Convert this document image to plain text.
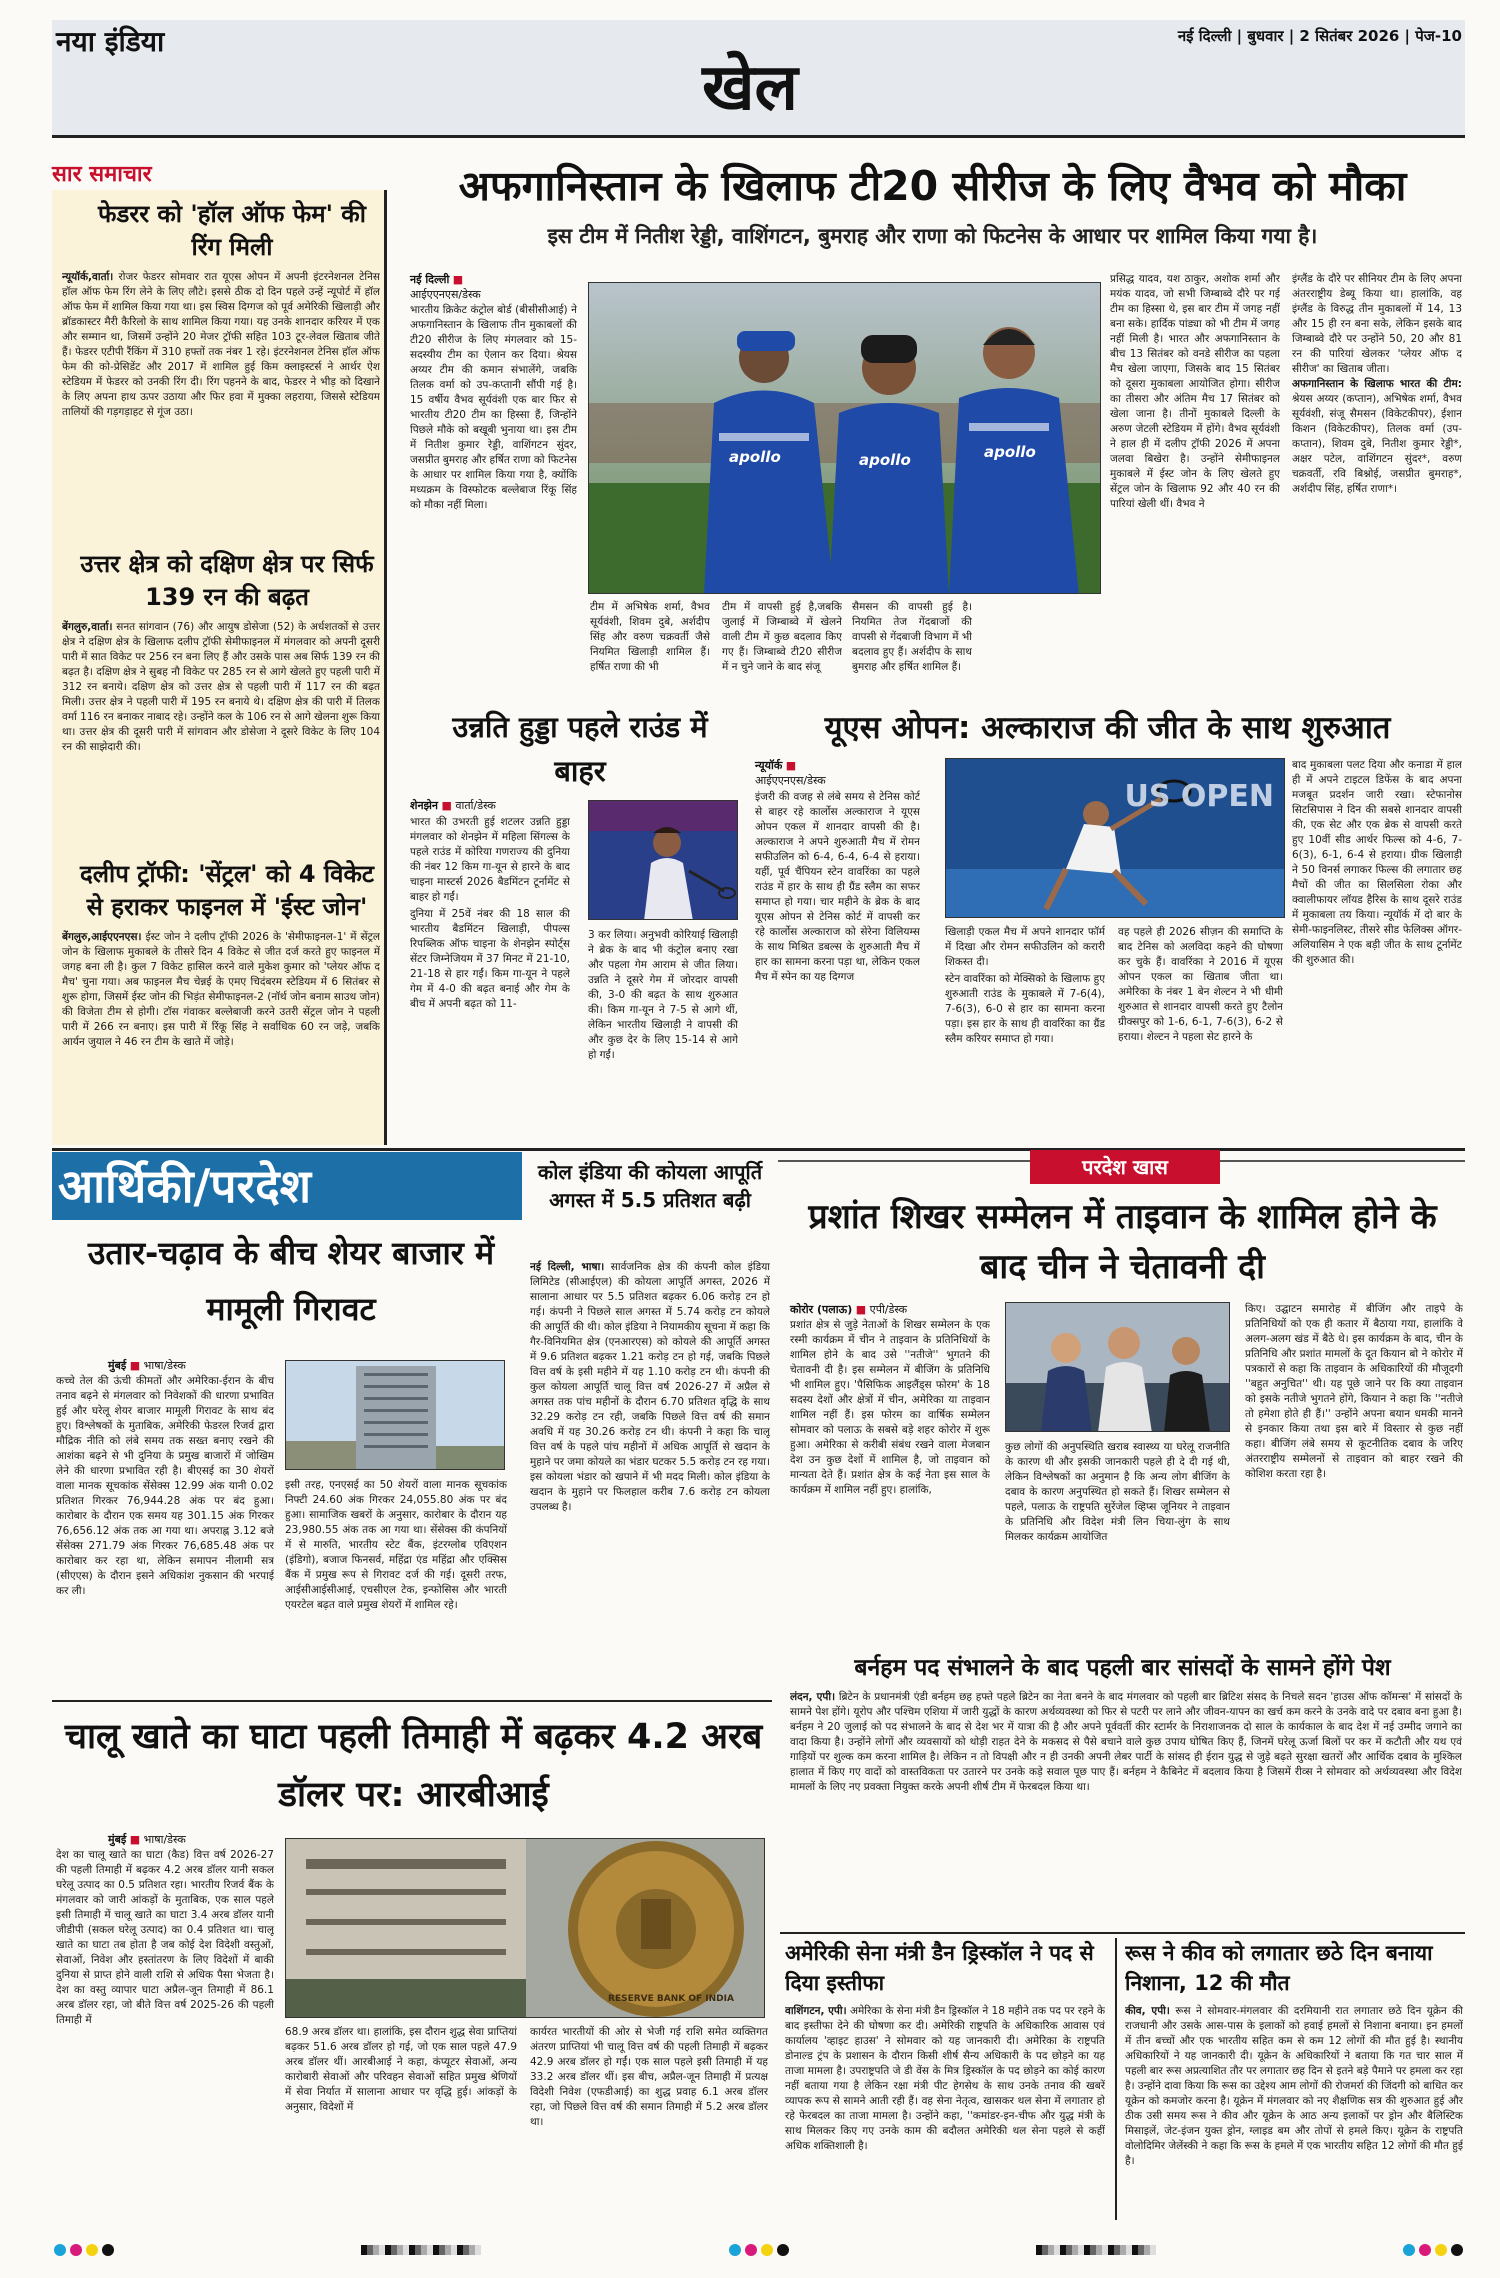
नया इंडिया	नई दिल्ली | बुधवार | 2 सितंबर 2026 | पेज-10
खेल
सार समाचार
फेडरर को 'हॉल ऑफ फेम' की रिंग मिली
न्यूयॉर्क,वार्ता। रोजर फेडरर सोमवार रात यूएस ओपन में अपनी इंटरनेशनल टेनिस हॉल ऑफ फेम रिंग लेने के लिए लौटे। इससे ठीक दो दिन पहले उन्हें न्यूपोर्ट में हॉल ऑफ फेम में शामिल किया गया था। इस स्विस दिग्गज को पूर्व अमेरिकी खिलाड़ी और ब्रॉडकास्टर मैरी कैरिलो के साथ शामिल किया गया। यह उनके शानदार करियर में एक और सम्मान था, जिसमें उन्होंने 20 मेजर ट्रॉफी सहित 103 टूर-लेवल खिताब जीते हैं। फेडरर एटीपी रैंकिंग में 310 हफ्तों तक नंबर 1 रहे। इंटरनेशनल टेनिस हॉल ऑफ फेम की को-प्रेसिडेंट और 2017 में शामिल हुई किम क्लाइस्टर्स ने आर्थर ऐश स्टेडियम में फेडरर को उनकी रिंग दी। रिंग पहनने के बाद, फेडरर ने भीड़ को दिखाने के लिए अपना हाथ ऊपर उठाया और फिर हवा में मुक्का लहराया, जिससे स्टेडियम तालियों की गड़गड़ाहट से गूंज उठा।
उत्तर क्षेत्र को दक्षिण क्षेत्र पर सिर्फ 139 रन की बढ़त
बेंगलुरु,वार्ता। सनत सांगवान (76) और आयुष डोसेजा (52) के अर्धशतकों से उत्तर क्षेत्र ने दक्षिण क्षेत्र के खिलाफ दलीप ट्रॉफी सेमीफाइनल में मंगलवार को अपनी दूसरी पारी में सात विकेट पर 256 रन बना लिए हैं और उसके पास अब सिर्फ 139 रन की बढ़त है। दक्षिण क्षेत्र ने सुबह नौ विकेट पर 285 रन से आगे खेलते हुए पहली पारी में 312 रन बनाये। दक्षिण क्षेत्र को उत्तर क्षेत्र से पहली पारी में 117 रन की बढ़त मिली। उत्तर क्षेत्र ने पहली पारी में 195 रन बनाये थे। दक्षिण क्षेत्र की पारी में तिलक वर्मा 116 रन बनाकर नाबाद रहे। उन्होंने कल के 106 रन से आगे खेलना शुरू किया था। उत्तर क्षेत्र की दूसरी पारी में सांगवान और डोसेजा ने दूसरे विकेट के लिए 104 रन की साझेदारी की।
दलीप ट्रॉफी: 'सेंट्रल' को 4 विकेट से हराकर फाइनल में 'ईस्ट जोन'
बेंगलुरु,आईएएनएस। ईस्ट जोन ने दलीप ट्रॉफी 2026 के 'सेमीफाइनल-1' में सेंट्रल जोन के खिलाफ मुकाबले के तीसरे दिन 4 विकेट से जीत दर्ज करते हुए फाइनल में जगह बना ली है। कुल 7 विकेट हासिल करने वाले मुकेश कुमार को 'प्लेयर ऑफ द मैच' चुना गया। अब फाइनल मैच चेन्नई के एमए चिदंबरम स्टेडियम में 6 सितंबर से शुरू होगा, जिसमें ईस्ट जोन की भिड़ंत सेमीफाइनल-2 (नॉर्थ जोन बनाम साउथ जोन) की विजेता टीम से होगी। टॉस गंवाकर बल्लेबाजी करने उतरी सेंट्रल जोन ने पहली पारी में 266 रन बनाए। इस पारी में रिंकू सिंह ने सर्वाधिक 60 रन जड़े, जबकि आर्यन जुयाल ने 46 रन टीम के खाते में जोड़े।
अफगानिस्तान के खिलाफ टी20 सीरीज के लिए वैभव को मौका
इस टीम में नितीश रेड्डी, वाशिंगटन, बुमराह और राणा को फिटनेस के आधार पर शामिल किया गया है।
नई दिल्ली ■
आईएएनएस/डेस्क
भारतीय क्रिकेट कंट्रोल बोर्ड (बीसीसीआई) ने अफगानिस्तान के खिलाफ तीन मुकाबलों की टी20 सीरीज के लिए मंगलवार को 15-सदस्यीय टीम का ऐलान कर दिया। श्रेयस अय्यर टीम की कमान संभालेंगे, जबकि तिलक वर्मा को उप-कप्तानी सौंपी गई है। 15 वर्षीय वैभव सूर्यवंशी एक बार फिर से भारतीय टी20 टीम का हिस्सा हैं, जिन्होंने पिछले मौके को बखूबी भुनाया था। इस टीम में नितीश कुमार रेड्डी, वाशिंगटन सुंदर, जसप्रीत बुमराह और हर्षित राणा को फिटनेस के आधार पर शामिल किया गया है, क्योंकि मध्यक्रम के विस्फोटक बल्लेबाज रिंकू सिंह को मौका नहीं मिला।
apollo	apollo	apollo
टीम में अभिषेक शर्मा, वैभव सूर्यवंशी, शिवम दुबे, अर्शदीप सिंह और वरुण चक्रवर्ती जैसे नियमित खिलाड़ी शामिल हैं। हर्षित राणा की भी
टीम में वापसी हुई है,जबकि जुलाई में जिम्बाब्वे में खेलने वाली टीम में कुछ बदलाव किए गए हैं। जिम्बाब्वे टी20 सीरीज में न चुने जाने के बाद संजू
सैमसन की वापसी हुई है। नियमित तेज गेंदबाजों की वापसी से गेंदबाजी विभाग में भी बदलाव हुए हैं। अर्शदीप के साथ बुमराह और हर्षित शामिल हैं।
प्रसिद्ध यादव, यश ठाकुर, अशोक शर्मा और मयंक यादव, जो सभी जिम्बाब्वे दौरे पर गई टीम का हिस्सा थे, इस बार टीम में जगह नहीं बना सके। हार्दिक पांड्या को भी टीम में जगह नहीं मिली है। भारत और अफगानिस्तान के बीच 13 सितंबर को वनडे सीरीज का पहला मैच खेला जाएगा, जिसके बाद 15 सितंबर को दूसरा मुकाबला आयोजित होगा। सीरीज का तीसरा और अंतिम मैच 17 सितंबर को खेला जाना है। तीनों मुकाबले दिल्ली के अरुण जेटली स्टेडियम में होंगे। वैभव सूर्यवंशी ने हाल ही में दलीप ट्रॉफी 2026 में अपना जलवा बिखेरा है। उन्होंने सेमीफाइनल मुकाबले में ईस्ट जोन के लिए खेलते हुए सेंट्रल जोन के खिलाफ 92 और 40 रन की पारियां खेली थीं। वैभव ने
इंग्लैंड के दौरे पर सीनियर टीम के लिए अपना अंतरराष्ट्रीय डेब्यू किया था। हालांकि, वह इंग्लैंड के विरुद्ध तीन मुकाबलों में 14, 13 और 15 ही रन बना सके, लेकिन इसके बाद जिम्बाब्वे दौरे पर उन्होंने 50, 20 और 81 रन की पारियां खेलकर 'प्लेयर ऑफ द सीरीज' का खिताब जीता।
अफगानिस्तान के खिलाफ भारत की टीम: श्रेयस अय्यर (कप्तान), अभिषेक शर्मा, वैभव सूर्यवंशी, संजू सैमसन (विकेटकीपर), ईशान किशन (विकेटकीपर), तिलक वर्मा (उप-कप्तान), शिवम दुबे, नितीश कुमार रेड्डी*, अक्षर पटेल, वाशिंगटन सुंदर*, वरुण चक्रवर्ती, रवि बिश्नोई, जसप्रीत बुमराह*, अर्शदीप सिंह, हर्षित राणा*।
उन्नति हुड्डा पहले राउंड में बाहर
शेनझेन ■ वार्ता/डेस्क

भारत की उभरती हुई शटलर उन्नति हुड्डा मंगलवार को शेनझेन में महिला सिंगल्स के पहले राउंड में कोरिया गणराज्य की दुनिया की नंबर 12 किम गा-यून से हारने के बाद चाइना मास्टर्स 2026 बैडमिंटन टूर्नामेंट से बाहर हो गईं।

दुनिया में 25वें नंबर की 18 साल की भारतीय बैडमिंटन खिलाड़ी, पीपल्स रिपब्लिक ऑफ चाइना के शेनझेन स्पोर्ट्स सेंटर जिम्नेजियम में 37 मिनट में 21-10, 21-18 से हार गईं। किम गा-यून ने पहले गेम में 4-0 की बढ़त बनाई और गेम के बीच में अपनी बढ़त को 11-

3 कर लिया। अनुभवी कोरियाई खिलाड़ी ने ब्रेक के बाद भी कंट्रोल बनाए रखा और पहला गेम आराम से जीत लिया। उन्नति ने दूसरे गेम में जोरदार वापसी की, 3-0 की बढ़त के साथ शुरुआत की। किम गा-यून ने 7-5 से आगे थीं, लेकिन भारतीय खिलाड़ी ने वापसी की और कुछ देर के लिए 15-14 से आगे हो गईं।
यूएस ओपन: अल्काराज की जीत के साथ शुरुआत
न्यूयॉर्क ■
आईएएनएस/डेस्क
इंजरी की वजह से लंबे समय से टेनिस कोर्ट से बाहर रहे कार्लोस अल्काराज ने यूएस ओपन एकल में शानदार वापसी की है। अल्काराज ने अपने शुरुआती मैच में रोमन सफीउलिन को 6-4, 6-4, 6-4 से हराया। यहीं, पूर्व चैंपियन स्टेन वावरिंका का पहले राउंड में हार के साथ ही ग्रैंड स्लैम का सफर समाप्त हो गया। चार महीने के ब्रेक के बाद यूएस ओपन से टेनिस कोर्ट में वापसी कर रहे कार्लोस अल्काराज को सेरेना विलियम्स के साथ मिश्रित डबल्स के शुरुआती मैच में हार का सामना करना पड़ा था, लेकिन एकल मैच में स्पेन का यह दिग्गज
US OPEN

खिलाड़ी एकल मैच में अपने शानदार फॉर्म में दिखा और रोमन सफीउलिन को करारी शिकस्त दी।

स्टेन वावरिंका को मेक्सिको के खिलाफ हुए शुरुआती राउंड के मुकाबले में 7-6(4), 7-6(3), 6-0 से हार का सामना करना पड़ा। इस हार के साथ ही वावरिंका का ग्रैंड स्लैम करियर समाप्त हो गया।

वह पहले ही 2026 सीज़न की समाप्ति के बाद टेनिस को अलविदा कहने की घोषणा कर चुके हैं। वावरिंका ने 2016 में यूएस ओपन एकल का खिताब जीता था। अमेरिका के नंबर 1 बेन शेल्टन ने भी धीमी शुरुआत से शानदार वापसी करते हुए टैलोन ग्रीक्सपुर को 1-6, 6-1, 7-6(3), 6-2 से हराया। शेल्टन ने पहला सेट हारने के
बाद मुकाबला पलट दिया और कनाडा में हाल ही में अपने टाइटल डिफेंस के बाद अपना मजबूत प्रदर्शन जारी रखा। स्टेफानोस सिटसिपास ने दिन की सबसे शानदार वापसी की, एक सेट और एक ब्रेक से वापसी करते हुए 10वीं सीड आर्थर फिल्स को 4-6, 7-6(3), 6-1, 6-4 से हराया। ग्रीक खिलाड़ी ने 50 विनर्स लगाकर फिल्स की लगातार छह मैचों की जीत का सिलसिला रोका और क्वालीफायर लॉयड हैरिस के साथ दूसरे राउंड में मुकाबला तय किया। न्यूयॉर्क में दो बार के सेमी-फाइनलिस्ट, तीसरे सीड फेलिक्स ऑगर-अलियासिम ने एक बड़ी जीत के साथ टूर्नामेंट की शुरुआत की।
आर्थिकी/परदेश
उतार-चढ़ाव के बीच शेयर बाजार में मामूली गिरावट
मुंबई ■ भाषा/डेस्क
कच्चे तेल की ऊंची कीमतों और अमेरिका-ईरान के बीच तनाव बढ़ने से मंगलवार को निवेशकों की धारणा प्रभावित हुई और घरेलू शेयर बाजार मामूली गिरावट के साथ बंद हुए। विश्लेषकों के मुताबिक, अमेरिकी फेडरल रिजर्व द्वारा मौद्रिक नीति को लंबे समय तक सख्त बनाए रखने की आशंका बढ़ने से भी दुनिया के प्रमुख बाजारों में जोखिम लेने की धारणा प्रभावित रही है। बीएसई का 30 शेयरों वाला मानक सूचकांक सेंसेक्स 12.99 अंक यानी 0.02 प्रतिशत गिरकर 76,944.28 अंक पर बंद हुआ। कारोबार के दौरान एक समय यह 301.15 अंक गिरकर 76,656.12 अंक तक आ गया था। अपराह्न 3.12 बजे सेंसेक्स 271.79 अंक गिरकर 76,685.48 अंक पर कारोबार कर रहा था, लेकिन समापन नीलामी सत्र (सीएएस) के दौरान इसने अधिकांश नुकसान की भरपाई कर ली।
इसी तरह, एनएसई का 50 शेयरों वाला मानक सूचकांक निफ्टी 24.60 अंक गिरकर 24,055.80 अंक पर बंद हुआ। सामाजिक खबरों के अनुसार, कारोबार के दौरान यह 23,980.55 अंक तक आ गया था। सेंसेक्स की कंपनियों में से मारुति, भारतीय स्टेट बैंक, इंटरग्लोब एविएशन (इंडिगो), बजाज फिनसर्व, महिंद्रा एंड महिंद्रा और एक्सिस बैंक में प्रमुख रूप से गिरावट दर्ज की गई। दूसरी तरफ, आईसीआईसीआई, एचसीएल टेक, इन्फोसिस और भारती एयरटेल बढ़त वाले प्रमुख शेयरों में शामिल रहे।
कोल इंडिया की कोयला आपूर्ति अगस्त में 5.5 प्रतिशत बढ़ी
नई दिल्ली, भाषा। सार्वजनिक क्षेत्र की कंपनी कोल इंडिया लिमिटेड (सीआईएल) की कोयला आपूर्ति अगस्त, 2026 में सालाना आधार पर 5.5 प्रतिशत बढ़कर 6.06 करोड़ टन हो गई। कंपनी ने पिछले साल अगस्त में 5.74 करोड़ टन कोयले की आपूर्ति की थी। कोल इंडिया ने नियामकीय सूचना में कहा कि गैर-विनियमित क्षेत्र (एनआरएस) को कोयले की आपूर्ति अगस्त में 9.6 प्रतिशत बढ़कर 1.21 करोड़ टन हो गई, जबकि पिछले वित्त वर्ष के इसी महीने में यह 1.10 करोड़ टन थी। कंपनी की कुल कोयला आपूर्ति चालू वित्त वर्ष 2026-27 में अप्रैल से अगस्त तक पांच महीनों के दौरान 6.70 प्रतिशत वृद्धि के साथ 32.29 करोड़ टन रही, जबकि पिछले वित्त वर्ष की समान अवधि में यह 30.26 करोड़ टन थी। कंपनी ने कहा कि चालू वित्त वर्ष के पहले पांच महीनों में अधिक आपूर्ति से खदान के मुहाने पर जमा कोयले का भंडार घटकर 5.5 करोड़ टन रह गया। इस कोयला भंडार को खपाने में भी मदद मिली। कोल इंडिया के खदान के मुहाने पर फिलहाल करीब 7.6 करोड़ टन कोयला उपलब्ध है।
चालू खाते का घाटा पहली तिमाही में बढ़कर 4.2 अरब डॉलर पर: आरबीआई
मुंबई ■ भाषा/डेस्क
देश का चालू खाते का घाटा (कैड) वित्त वर्ष 2026-27 की पहली तिमाही में बढ़कर 4.2 अरब डॉलर यानी सकल घरेलू उत्पाद का 0.5 प्रतिशत रहा। भारतीय रिजर्व बैंक के मंगलवार को जारी आंकड़ों के मुताबिक, एक साल पहले इसी तिमाही में चालू खाते का घाटा 3.4 अरब डॉलर यानी जीडीपी (सकल घरेलू उत्पाद) का 0.4 प्रतिशत था। चालू खाते का घाटा तब होता है जब कोई देश विदेशी वस्तुओं, सेवाओं, निवेश और हस्तांतरण के लिए विदेशों में बाकी दुनिया से प्राप्त होने वाली राशि से अधिक पैसा भेजता है। देश का वस्तु व्यापार घाटा अप्रैल-जून तिमाही में 86.1 अरब डॉलर रहा, जो बीते वित्त वर्ष 2025-26 की पहली तिमाही में
RESERVE BANK OF INDIA
68.9 अरब डॉलर था। हालांकि, इस दौरान शुद्ध सेवा प्राप्तियां बढ़कर 51.6 अरब डॉलर हो गई, जो एक साल पहले 47.9 अरब डॉलर थीं। आरबीआई ने कहा, कंप्यूटर सेवाओं, अन्य कारोबारी सेवाओं और परिवहन सेवाओं सहित प्रमुख श्रेणियों में सेवा निर्यात में सालाना आधार पर वृद्धि हुई। आंकड़ों के अनुसार, विदेशों में
कार्यरत भारतीयों की ओर से भेजी गई राशि समेत व्यक्तिगत अंतरण प्राप्तियां भी चालू वित्त वर्ष की पहली तिमाही में बढ़कर 42.9 अरब डॉलर हो गईं। एक साल पहले इसी तिमाही में यह 33.2 अरब डॉलर थीं। इस बीच, अप्रैल-जून तिमाही में प्रत्यक्ष विदेशी निवेश (एफडीआई) का शुद्ध प्रवाह 6.1 अरब डॉलर रहा, जो पिछले वित्त वर्ष की समान तिमाही में 5.2 अरब डॉलर था।
परदेश खास
प्रशांत शिखर सम्मेलन में ताइवान के शामिल होने के बाद चीन ने चेतावनी दी
कोरोर (पलाऊ) ■ एपी/डेस्क
प्रशांत क्षेत्र से जुड़े नेताओं के शिखर सम्मेलन के एक रस्मी कार्यक्रम में चीन ने ताइवान के प्रतिनिधियों के शामिल होने के बाद उसे ''नतीजे'' भुगतने की चेतावनी दी है। इस सम्मेलन में बीजिंग के प्रतिनिधि भी शामिल हुए। 'पैसिफिक आइलैंड्स फोरम' के 18 सदस्य देशों और क्षेत्रों में चीन, अमेरिका या ताइवान शामिल नहीं हैं। इस फोरम का वार्षिक सम्मेलन सोमवार को पलाऊ के सबसे बड़े शहर कोरोर में शुरू हुआ। अमेरिका से करीबी संबंध रखने वाला मेजबान देश उन कुछ देशों में शामिल है, जो ताइवान को मान्यता देते हैं। प्रशांत क्षेत्र के कई नेता इस साल के कार्यक्रम में शामिल नहीं हुए। हालांकि,
कुछ लोगों की अनुपस्थिति खराब स्वास्थ्य या घरेलू राजनीति के कारण थी और इसकी जानकारी पहले ही दे दी गई थी, लेकिन विश्लेषकों का अनुमान है कि अन्य लोग बीजिंग के दबाव के कारण अनुपस्थित हो सकते हैं। शिखर सम्मेलन से पहले, पलाऊ के राष्ट्रपति सुरेंजेल व्हिप्स जूनियर ने ताइवान के प्रतिनिधि और विदेश मंत्री लिन चिया-लुंग के साथ मिलकर कार्यक्रम आयोजित
किए। उद्घाटन समारोह में बीजिंग और ताइपे के प्रतिनिधियों को एक ही कतार में बैठाया गया, हालांकि वे अलग-अलग खंड में बैठे थे। इस कार्यक्रम के बाद, चीन के प्रतिनिधि और प्रशांत मामलों के दूत कियान बो ने कोरोर में पत्रकारों से कहा कि ताइवान के अधिकारियों की मौजूदगी ''बहुत अनुचित'' थी। यह पूछे जाने पर कि क्या ताइवान को इसके नतीजे भुगतने होंगे, कियान ने कहा कि ''नतीजे तो हमेशा होते ही हैं।'' उन्होंने अपना बयान धमकी मानने से इनकार किया तथा इस बारे में विस्तार से कुछ नहीं कहा। बीजिंग लंबे समय से कूटनीतिक दबाव के जरिए अंतरराष्ट्रीय सम्मेलनों से ताइवान को बाहर रखने की कोशिश करता रहा है।
बर्नहम पद संभालने के बाद पहली बार सांसदों के सामने होंगे पेश
लंदन, एपी। ब्रिटेन के प्रधानमंत्री एंडी बर्नहम छह हफ्ते पहले ब्रिटेन का नेता बनने के बाद मंगलवार को पहली बार ब्रिटिश संसद के निचले सदन 'हाउस ऑफ कॉमन्स' में सांसदों के सामने पेश होंगे। यूरोप और पश्चिम एशिया में जारी युद्धों के कारण अर्थव्यवस्था को फिर से पटरी पर लाने और जीवन-यापन का खर्च कम करने के उनके वादे पर दबाव बना हुआ है। बर्नहम ने 20 जुलाई को पद संभालने के बाद से देश भर में यात्रा की है और अपने पूर्ववर्ती कीर स्टार्मर के निराशाजनक दो साल के कार्यकाल के बाद देश में नई उम्मीद जगाने का वादा किया है। उन्होंने लोगों और व्यवसायों को थोड़ी राहत देने के मकसद से पैसे बचाने वाले कुछ उपाय घोषित किए हैं, जिनमें घरेलू ऊर्जा बिलों पर कर में कटौती और यथ एवं गाड़ियों पर शुल्क कम करना शामिल है। लेकिन न तो विपक्षी और न ही उनकी अपनी लेबर पार्टी के सांसद ही ईरान युद्ध से जुड़े बढ़ते सुरक्षा खतरों और आर्थिक दबाव के मुश्किल हालात में किए गए वादों को वास्तविकता पर उतारने पर उनके कड़े सवाल पूछ पाए हैं। बर्नहम ने कैबिनेट में बदलाव किया है जिसमें रीव्स ने सोमवार को अर्थव्यवस्था और विदेश मामलों के लिए नए प्रवक्ता नियुक्त करके अपनी शीर्ष टीम में फेरबदल किया था।
अमेरिकी सेना मंत्री डैन ड्रिस्कॉल ने पद से दिया इस्तीफा
वाशिंगटन, एपी। अमेरिका के सेना मंत्री डैन ड्रिस्कॉल ने 18 महीने तक पद पर रहने के बाद इस्तीफा देने की घोषणा कर दी। अमेरिकी राष्ट्रपति के अधिकारिक आवास एवं कार्यालय 'व्हाइट हाउस' ने सोमवार को यह जानकारी दी। अमेरिका के राष्ट्रपति डोनाल्ड ट्रंप के प्रशासन के दौरान किसी शीर्ष सैन्य अधिकारी के पद छोड़ने का यह ताजा मामला है। उपराष्ट्रपति जे डी वेंस के मित्र ड्रिस्कॉल के पद छोड़ने का कोई कारण नहीं बताया गया है लेकिन रक्षा मंत्री पीट हेगसेथ के साथ उनके तनाव की खबरें व्यापक रूप से सामने आती रही हैं। वह सेना नेतृत्व, खासकर थल सेना में लगातार हो रहे फेरबदल का ताजा मामला है। उन्होंने कहा, ''कमांडर-इन-चीफ और युद्ध मंत्री के साथ मिलकर किए गए उनके काम की बदौलत अमेरिकी थल सेना पहले से कहीं अधिक शक्तिशाली है।
रूस ने कीव को लगातार छठे दिन बनाया निशाना, 12 की मौत
कीव, एपी। रूस ने सोमवार-मंगलवार की दरमियानी रात लगातार छठे दिन यूक्रेन की राजधानी और उसके आस-पास के इलाकों को हवाई हमलों से निशाना बनाया। इन हमलों में तीन बच्चों और एक भारतीय सहित कम से कम 12 लोगों की मौत हुई है। स्थानीय अधिकारियों ने यह जानकारी दी। यूक्रेन के अधिकारियों ने बताया कि गत चार साल में पहली बार रूस अप्रत्याशित तौर पर लगातार छह दिन से इतने बड़े पैमाने पर हमला कर रहा है। उन्होंने दावा किया कि रूस का उद्देश्य आम लोगों की रोजमर्रा की जिंदगी को बाधित कर यूक्रेन को कमजोर करना है। यूक्रेन में मंगलवार को नए शैक्षणिक सत्र की शुरुआत हुई और ठीक उसी समय रूस ने कीव और यूक्रेन के आठ अन्य इलाकों पर ड्रोन और बैलिस्टिक मिसाइलें, जेट-इंजन युक्त ड्रोन, ग्लाइड बम और तोपों से हमले किए। यूक्रेन के राष्ट्रपति वोलोदिमिर जेलेंस्की ने कहा कि रूस के हमले में एक भारतीय सहित 12 लोगों की मौत हुई है।
